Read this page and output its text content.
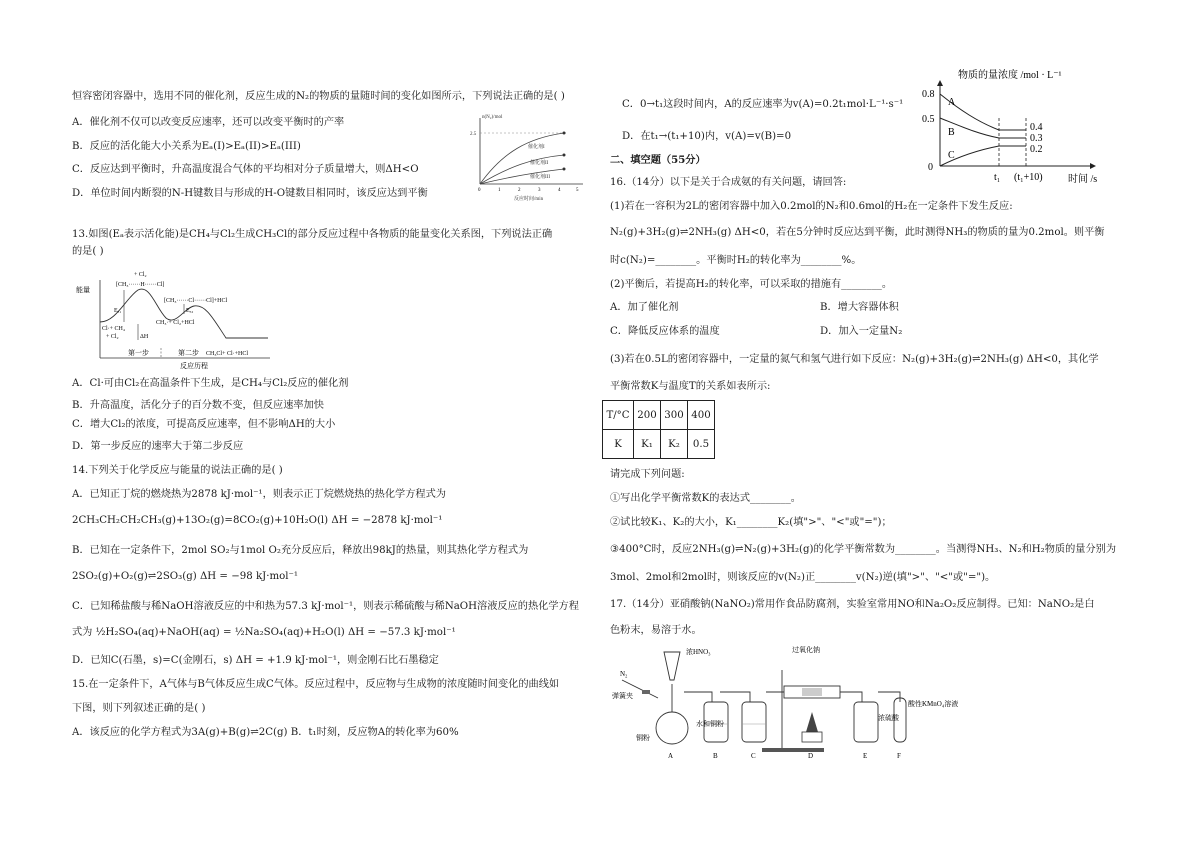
恒容密闭容器中，选用不同的催化剂，反应生成的N₂的物质的量随时间的变化如图所示，下列说法正确的是( )
A．催化剂不仅可以改变反应速率，还可以改变平衡时的产率
B．反应的活化能大小关系为Eₐ(I)>Eₐ(II)>Eₐ(III)
C．反应达到平衡时，升高温度混合气体的平均相对分子质量增大，则ΔH<O
D．单位时间内断裂的N-H键数目与形成的H-O键数目相同时，该反应达到平衡
n(N₂)/mol
2.5
催化剂I
催化剂II
催化剂III
0	1	2	3	4	5
反应时间/min
13.如图(Eₐ表示活化能)是CH₄与Cl₂生成CH₃Cl的部分反应过程中各物质的能量变化关系图，下列说法正确
的是( )
能量
+ Cl₂
[CH₃······H······Cl]
[CH₃······Cl······Cl]+HCl
Eₐ₁	Eₐ₂
Cl·+ CH₄
+ Cl₂
CH₃·+ Cl₂+HCl
ΔH
第一步	第二步 CH₃Cl+ Cl·+HCl
反应历程
A．Cl·可由Cl₂在高温条件下生成，是CH₄与Cl₂反应的催化剂
B．升高温度，活化分子的百分数不变，但反应速率加快
C．增大Cl₂的浓度，可提高反应速率，但不影响ΔH的大小
D．第一步反应的速率大于第二步反应
14.下列关于化学反应与能量的说法正确的是( )
A．已知正丁烷的燃烧热为2878 kJ·mol⁻¹，则表示正丁烷燃烧热的热化学方程式为
2CH₃CH₂CH₂CH₃(g)+13O₂(g)=8CO₂(g)+10H₂O(l) ΔH = −2878 kJ·mol⁻¹
B．已知在一定条件下，2mol SO₂与1mol O₂充分反应后，释放出98kJ的热量，则其热化学方程式为
2SO₂(g)+O₂(g)⇌2SO₃(g) ΔH = −98 kJ·mol⁻¹
C．已知稀盐酸与稀NaOH溶液反应的中和热为57.3 kJ·mol⁻¹，则表示稀硫酸与稀NaOH溶液反应的热化学方程
式为 ½H₂SO₄(aq)+NaOH(aq) = ½Na₂SO₄(aq)+H₂O(l) ΔH = −57.3 kJ·mol⁻¹
D．已知C(石墨，s)=C(金刚石，s) ΔH = +1.9 kJ·mol⁻¹，则金刚石比石墨稳定
15.在一定条件下，A气体与B气体反应生成C气体。反应过程中，反应物与生成物的浓度随时间变化的曲线如
下图，则下列叙述正确的是( )
A．该反应的化学方程式为3A(g)+B(g)⇌2C(g) B．t₁时刻，反应物A的转化率为60%
C．0→t₁这段时间内，A的反应速率为v(A)=0.2t₁mol·L⁻¹·s⁻¹
D．在t₁→(t₁+10)内，v(A)=v(B)=0
二、填空题（55分）
物质的量浓度 /mol · L⁻¹
0.8
0.5
0
A
B
C
0.4
0.3
0.2
t₁ (t₁+10)	时间 /s
16.（14分）以下是关于合成氨的有关问题，请回答:
(1)若在一容积为2L的密闭容器中加入0.2mol的N₂和0.6mol的H₂在一定条件下发生反应:
N₂(g)+3H₂(g)⇌2NH₃(g) ΔH<0，若在5分钟时反应达到平衡，此时测得NH₃的物质的量为0.2mol。则平衡
时c(N₂)=________。平衡时H₂的转化率为________%。
(2)平衡后，若提高H₂的转化率，可以采取的措施有________。
A．加了催化剂	B．增大容器体积
C．降低反应体系的温度	D．加入一定量N₂
(3)若在0.5L的密闭容器中，一定量的氮气和氢气进行如下反应：N₂(g)+3H₂(g)⇌2NH₃(g) ΔH<0，其化学
平衡常数K与温度T的关系如表所示:
T/°C	200	300	400
K	K₁	K₂	0.5
请完成下列问题:
①写出化学平衡常数K的表达式________。
②试比较K₁、K₂的大小，K₁________K₂(填">"、"<"或"=")；
③400°C时，反应2NH₃(g)⇌N₂(g)+3H₂(g)的化学平衡常数为________。当测得NH₃、N₂和H₂物质的量分别为
3mol、2mol和2mol时，则该反应的v(N₂)正________v(N₂)逆(填">"、"<"或"=")。
17.（14分）亚硝酸钠(NaNO₂)常用作食品防腐剂，实验室常用NO和Na₂O₂反应制得。已知：NaNO₂是白
色粉末，易溶于水。
N₂
弹簧夹
浓HNO₃	过氧化钠
铜粉
水和铜粉
浓硫酸
酸性KMnO₄溶液
A	B	C	D	E	F
